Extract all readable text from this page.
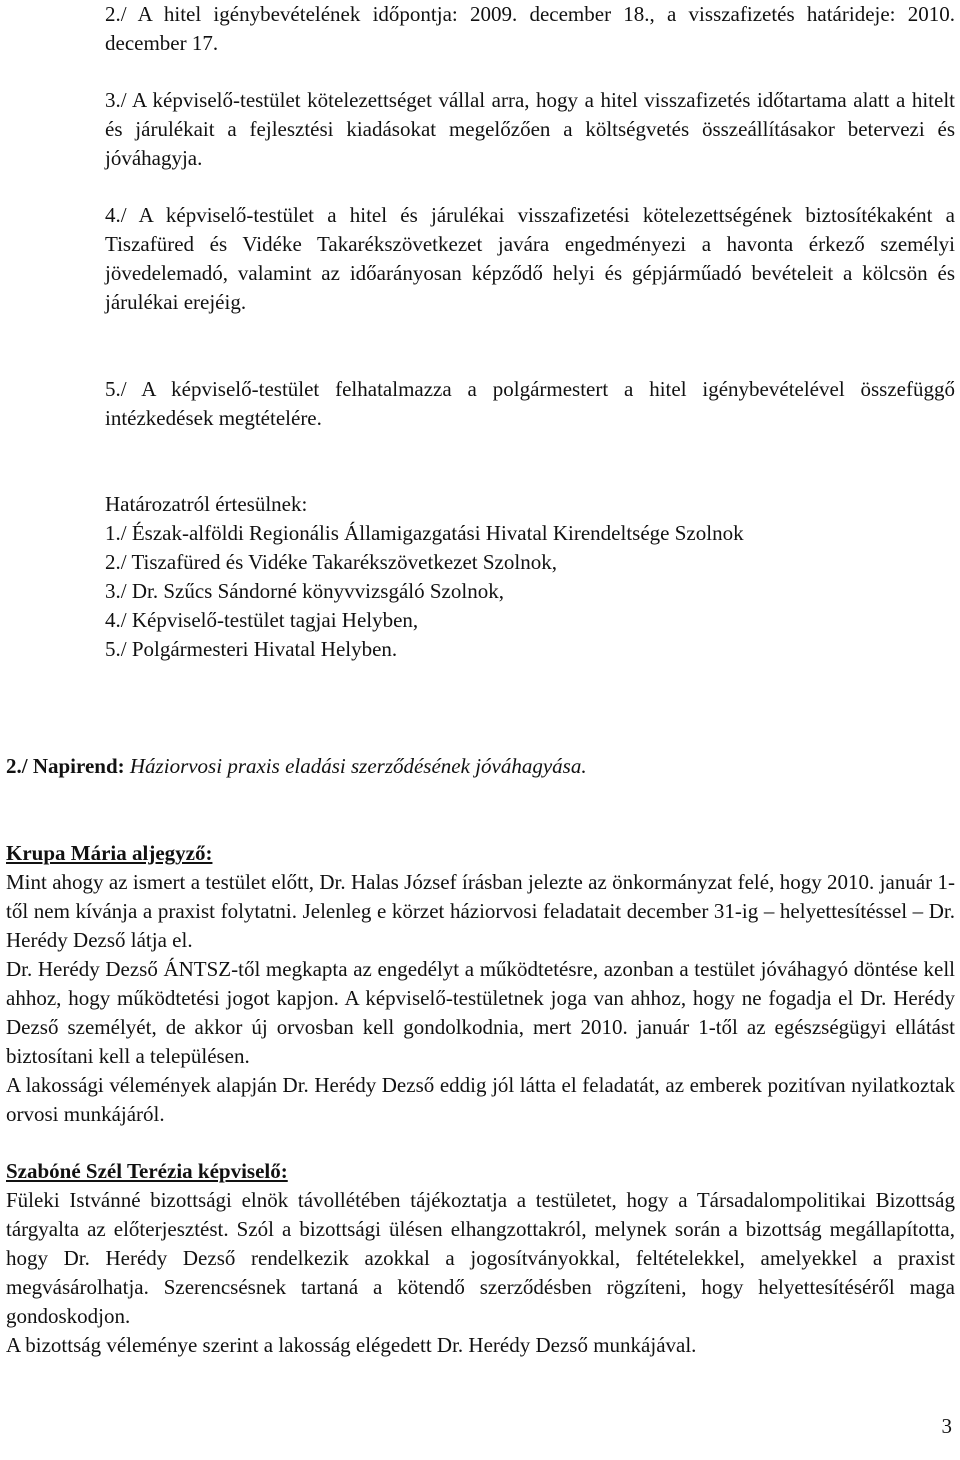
2./ A hitel igénybevételének időpontja: 2009. december 18., a visszafizetés határideje: 2010. december 17.

3./ A képviselő-testület kötelezettséget vállal arra, hogy a hitel visszafizetés időtartama alatt a hitelt és járulékait a fejlesztési kiadásokat megelőzően a költségvetés összeállításakor betervezi és jóváhagyja.

4./ A képviselő-testület a hitel és járulékai visszafizetési kötelezettségének biztosítékaként a Tiszafüred és Vidéke Takarékszövetkezet javára engedményezi a havonta érkező személyi jövedelemadó, valamint az időarányosan képződő helyi és gépjárműadó bevételeit a kölcsön és járulékai erejéig.

5./ A képviselő-testület felhatalmazza a polgármestert a hitel igénybevételével összefüggő intézkedések megtételére.

Határozatról értesülnek:
1./ Észak-alföldi Regionális Államigazgatási Hivatal Kirendeltsége Szolnok
2./ Tiszafüred és Vidéke Takarékszövetkezet Szolnok,
3./ Dr. Szűcs Sándorné könyvvizsgáló Szolnok,
4./ Képviselő-testület tagjai Helyben,
5./ Polgármesteri Hivatal Helyben.

2./ Napirend: Háziorvosi praxis eladási szerződésének jóváhagyása.

Krupa Mária aljegyző:
Mint ahogy az ismert a testület előtt, Dr. Halas József írásban jelezte az önkormányzat felé, hogy 2010. január 1-től nem kívánja a praxist folytatni. Jelenleg e körzet háziorvosi feladatait december 31-ig – helyettesítéssel – Dr. Herédy Dezső látja el.
Dr. Herédy Dezső ÁNTSZ-től megkapta az engedélyt a működtetésre, azonban a testület jóváhagyó döntése kell ahhoz, hogy működtetési jogot kapjon. A képviselő-testületnek joga van ahhoz, hogy ne fogadja el Dr. Herédy Dezső személyét, de akkor új orvosban kell gondolkodnia, mert 2010. január 1-től az egészségügyi ellátást biztosítani kell a településen.
A lakossági vélemények alapján Dr. Herédy Dezső eddig jól látta el feladatát, az emberek pozitívan nyilatkoztak orvosi munkájáról.
Szabóné Szél Terézia képviselő:
Füleki Istvánné bizottsági elnök távollétében tájékoztatja a testületet, hogy a Társadalompolitikai Bizottság tárgyalta az előterjesztést. Szól a bizottsági ülésen elhangzottakról, melynek során a bizottság megállapította, hogy Dr. Herédy Dezső rendelkezik azokkal a jogosítványokkal, feltételekkel, amelyekkel a praxist megvásárolhatja. Szerencsésnek tartaná a kötendő szerződésben rögzíteni, hogy helyettesítéséről maga gondoskodjon.
A bizottság véleménye szerint a lakosság elégedett Dr. Herédy Dezső munkájával.
3
